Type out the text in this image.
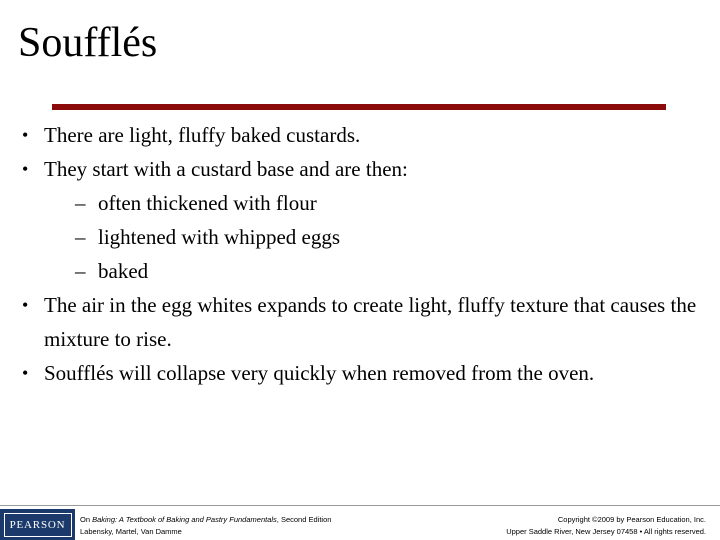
Soufflés
• There are light, fluffy baked custards.
• They start with a custard base and are then:
– often thickened with flour
– lightened with whipped eggs
– baked
• The air in the egg whites expands to create light, fluffy texture that causes the mixture to rise.
• Soufflés will collapse very quickly when removed from the oven.
PEARSON	On Baking: A Textbook of Baking and Pastry Fundamentals, Second Edition
Labensky, Martel, Van Damme
Copyright ©2009 by Pearson Education, Inc.
Upper Saddle River, New Jersey 07458 • All rights reserved.
